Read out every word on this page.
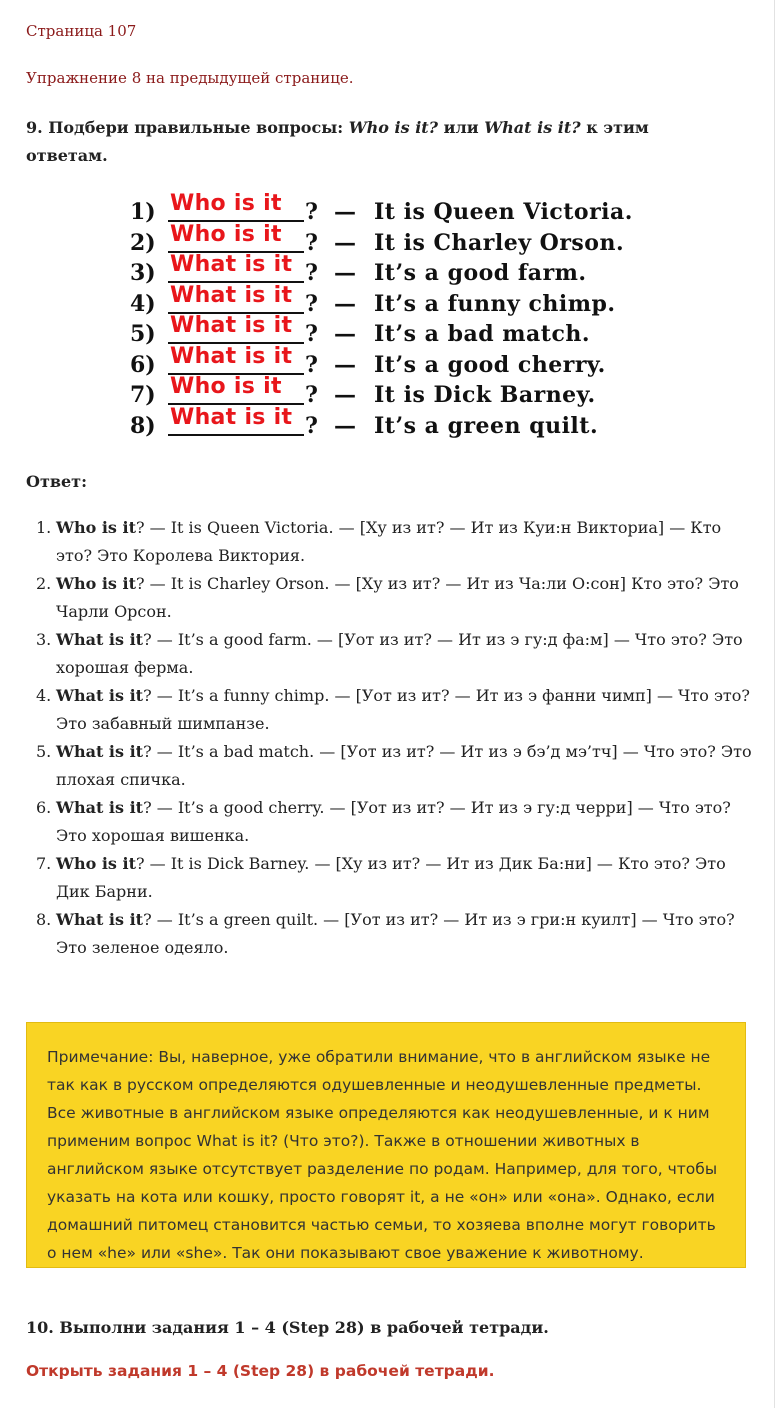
Страница 107
Упражнение 8 на предыдущей странице.
9. Подбери правильные вопросы: Who is it? или What is it? к этим ответам.
1) Who is it ? — It is Queen Victoria.
2) Who is it ? — It is Charley Orson.
3) What is it ? — It’s a good farm.
4) What is it ? — It’s a funny chimp.
5) What is it ? — It’s a bad match.
6) What is it ? — It’s a good cherry.
7) Who is it ? — It is Dick Barney.
8) What is it ? — It’s a green quilt.
Ответ:
1. Who is it? — It is Queen Victoria. — [Ху из ит? — Ит из Куи:н Викториа] — Кто это? Это Королева Виктория.
2. Who is it? — It is Charley Orson. — [Ху из ит? — Ит из Ча:ли О:сон] Кто это? Это Чарли Орсон.
3. What is it? — It’s a good farm. — [Уот из ит? — Ит из э гу:д фа:м] — Что это? Это хорошая ферма.
4. What is it? — It’s a funny chimp. — [Уот из ит? — Ит из э фанни чимп] — Что это? Это забавный шимпанзе.
5. What is it? — It’s a bad match. — [Уот из ит? — Ит из э бэ’д мэ’тч] — Что это? Это плохая спичка.
6. What is it? — It’s a good cherry. — [Уот из ит? — Ит из э гу:д черри] — Что это? Это хорошая вишенка.
7. Who is it? — It is Dick Barney. — [Ху из ит? — Ит из Дик Ба:ни] — Кто это? Это Дик Барни.
8. What is it? — It’s a green quilt. — [Уот из ит? — Ит из э гри:н куилт] — Что это? Это зеленое одеяло.
Примечание: Вы, наверное, уже обратили внимание, что в английском языке не так как в русском определяются одушевленные и неодушевленные предметы. Все животные в английском языке определяются как неодушевленные, и к ним применим вопрос What is it? (Что это?). Также в отношении животных в английском языке отсутствует разделение по родам. Например, для того, чтобы указать на кота или кошку, просто говорят it, а не «он» или «она». Однако, если домашний питомец становится частью семьи, то хозяева вполне могут говорить о нем «he» или «she». Так они показывают свое уважение к животному.
10. Выполни задания 1 – 4 (Step 28) в рабочей тетради.
Открыть задания 1 – 4 (Step 28) в рабочей тетради.
